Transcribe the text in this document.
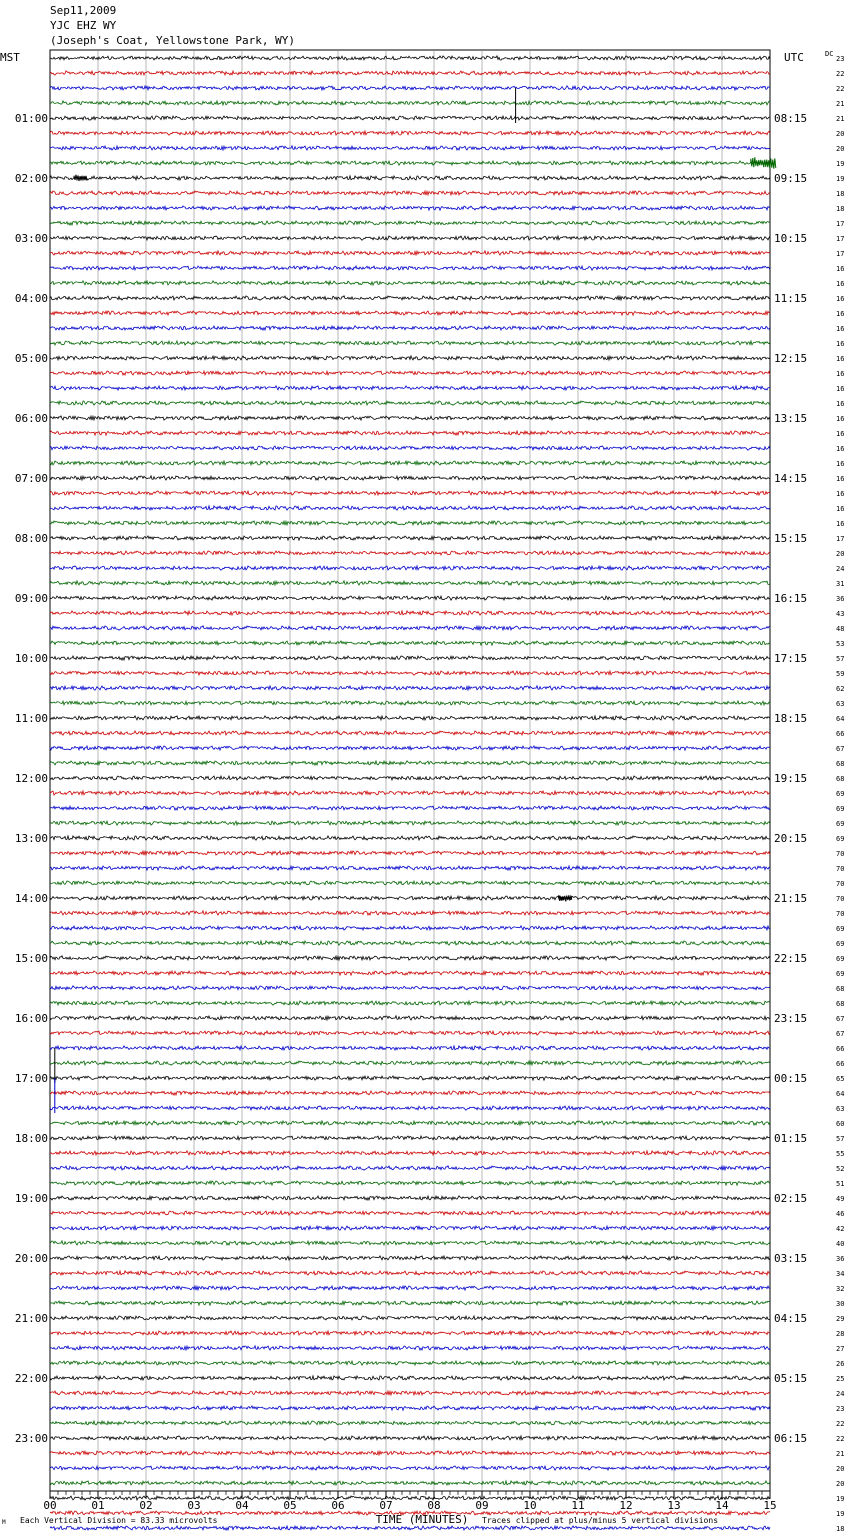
Sep11,2009
YJC EHZ WY
(Joseph's Coat, Yellowstone Park, WY)
MST	UTC	DC
01:00	08:15
02:00	09:15
03:00	10:15
04:00	11:15
05:00	12:15
06:00	13:15
07:00	14:15
08:00	15:15
09:00	16:15
10:00	17:15
11:00	18:15
12:00	19:15
13:00	20:15
14:00	21:15
15:00	22:15
16:00	23:15
17:00	00:15
18:00	01:15
19:00	02:15
20:00	03:15
21:00	04:15
22:00	05:15
23:00	06:15
23
22
22
21
21
20
20
19
19
18
18
17
17
17
16
16
16
16
16
16
16
16
16
16
16
16
16
16
16
16
16
16
17
20
24
31
36
43
48
53
57
59
62
63
64
66
67
68
68
69
69
69
69
70
70
70
70
70
69
69
69
69
68
68
67
67
66
66
65
64
63
60
57
55
52
51
49
46
42
40
36
34
32
30
29
28
27
26
25
24
23
22
22
21
20
20
19
19
18
00	01	02	03	04	05	06	07	08	09	10	11	12	13	14	15
TIME (MINUTES)
M Each Vertical Division = 83.33 microvolts	Traces clipped at plus/minus 5 vertical divisions
